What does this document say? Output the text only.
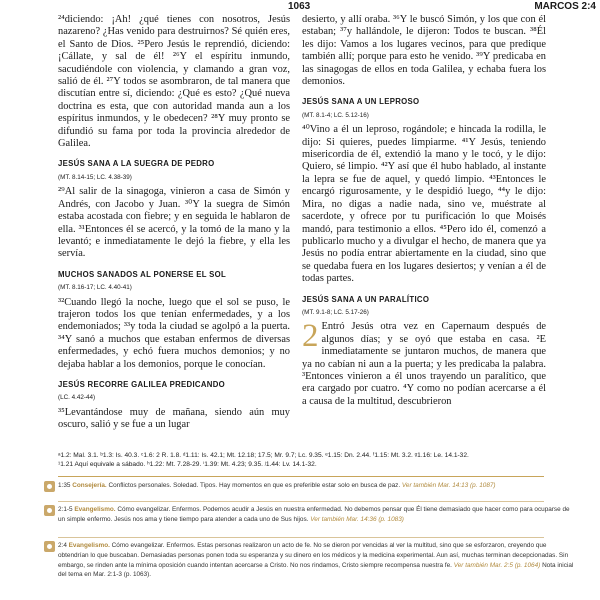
1063	MARCOS 2:4

²⁴diciendo: ¡Ah! ¿qué tienes con nosotros, Jesús nazareno? ¿Has venido para destruirnos? Sé quién eres, el Santo de Dios. ²⁵Pero Jesús le reprendió, diciendo: ¡Cállate, y sal de él! ²⁶Y el espíritu inmundo, sacudiéndole con violencia, y clamando a gran voz, salió de él. ²⁷Y todos se asombraron, de tal manera que discutían entre sí, diciendo: ¿Qué es esto? ¿Qué nueva doctrina es esta, que con autoridad manda aun a los espíritus inmundos, y le obedecen? ²⁸Y muy pronto se difundió su fama por toda la provincia alrededor de Galilea.

JESÚS SANA A LA SUEGRA DE PEDRO
(MT. 8.14-15; LC. 4.38-39)

²⁹Al salir de la sinagoga, vinieron a casa de Simón y Andrés, con Jacobo y Juan. ³⁰Y la suegra de Simón estaba acostada con fiebre; y en seguida le hablaron de ella. ³¹Entonces él se acercó, y la tomó de la mano y la levantó; e inmediatamente le dejó la fiebre, y ella les servía.

MUCHOS SANADOS AL PONERSE EL SOL
(MT. 8.16-17; LC. 4.40-41)

³²Cuando llegó la noche, luego que el sol se puso, le trajeron todos los que tenían enfermedades, y a los endemoniados; ³³y toda la ciudad se agolpó a la puerta. ³⁴Y sanó a muchos que estaban enfermos de diversas enfermedades, y echó fuera muchos demonios; y no dejaba hablar a los demonios, porque le conocían.

JESÚS RECORRE GALILEA PREDICANDO
(LC. 4.42-44)

³⁵Levantándose muy de mañana, siendo aún muy oscuro, salió y se fue a un lugar

desierto, y allí oraba. ³⁶Y le buscó Simón, y los que con él estaban; ³⁷y hallándole, le dijeron: Todos te buscan. ³⁸Él les dijo: Vamos a los lugares vecinos, para que predique también allí; porque para esto he venido. ³⁹Y predicaba en las sinagogas de ellos en toda Galilea, y echaba fuera los demonios.

JESÚS SANA A UN LEPROSO
(MT. 8.1-4; LC. 5.12-16)

⁴⁰Vino a él un leproso, rogándole; e hincada la rodilla, le dijo: Si quieres, puedes limpiarme. ⁴¹Y Jesús, teniendo misericordia de él, extendió la mano y le tocó, y le dijo: Quiero, sé limpio. ⁴²Y así que él hubo hablado, al instante la lepra se fue de aquel, y quedó limpio. ⁴³Entonces le encargó rigurosamente, y le despidió luego, ⁴⁴y le dijo: Mira, no digas a nadie nada, sino ve, muéstrate al sacerdote, y ofrece por tu purificación lo que Moisés mandó, para testimonio a ellos. ⁴⁵Pero ido él, comenzó a publicarlo mucho y a divulgar el hecho, de manera que ya Jesús no podía entrar abiertamente en la ciudad, sino que se quedaba fuera en los lugares desiertos; y venían a él de todas partes.

JESÚS SANA A UN PARALÍTICO
(MT. 9.1-8; LC. 5.17-26)

2 Entró Jesús otra vez en Capernaum después de algunos días; y se oyó que estaba en casa. ²E inmediatamente se juntaron muchos, de manera que ya no cabían ni aun a la puerta; y les predicaba la palabra. ³Entonces vinieron a él unos trayendo un paralítico, que era cargado por cuatro. ⁴Y como no podían acercarse a él a causa de la multitud, descubrieron

ᵃ1.2: Mal. 3.1. ᵇ1.3: Is. 40.3. ᶜ1.6: 2 R. 1.8. ᵈ1.11: Is. 42.1; Mt. 12.18; 17.5; Mr. 9.7; Lc. 9.35. ᵉ1.15: Dn. 2.44. ᶠ1.15: Mt. 3.2. ᵍ1.16: Le. 14.1-32.

¹1.21 Aquí equivale a sábado. ʰ1.22: Mt. 7.28-29. ⁱ1.39: Mt. 4.23; 9.35. ʲ1.44: Lv. 14.1-32.

1:35 Consejería. Conflictos personales. Soledad. Tipos. Hay momentos en que es preferible estar solo en busca de paz. Ver también Mar. 14:13 (p. 1087)
2:1-5 Evangelismo. Cómo evangelizar. Enfermos. Podemos acudir a Jesús en nuestra enfermedad. No debemos pensar que Él tiene demasiado que hacer como para ocuparse de un simple enfermo. Jesús nos ama y tiene tiempo para atender a cada uno de Sus hijos. Ver también Mar. 14:36 (p. 1083)
2:4 Evangelismo. Cómo evangelizar. Enfermos. Estas personas realizaron un acto de fe. No se dieron por vencidas al ver la multitud, sino que se esforzaron, creyendo que obtendrían lo que buscaban. Demasiadas personas ponen toda su esperanza y su dinero en los médicos y la medicina experimental. Aun así, muchas terminan decepcionadas. Sin embargo, se rinden ante la mínima oposición cuando intentan acercarse a Cristo. No nos rindamos, Cristo siempre recompensa nuestra fe. Ver también Mar. 2:5 (p. 1064) Nota inicial del tema en Mar. 2:1-3 (p. 1063).
